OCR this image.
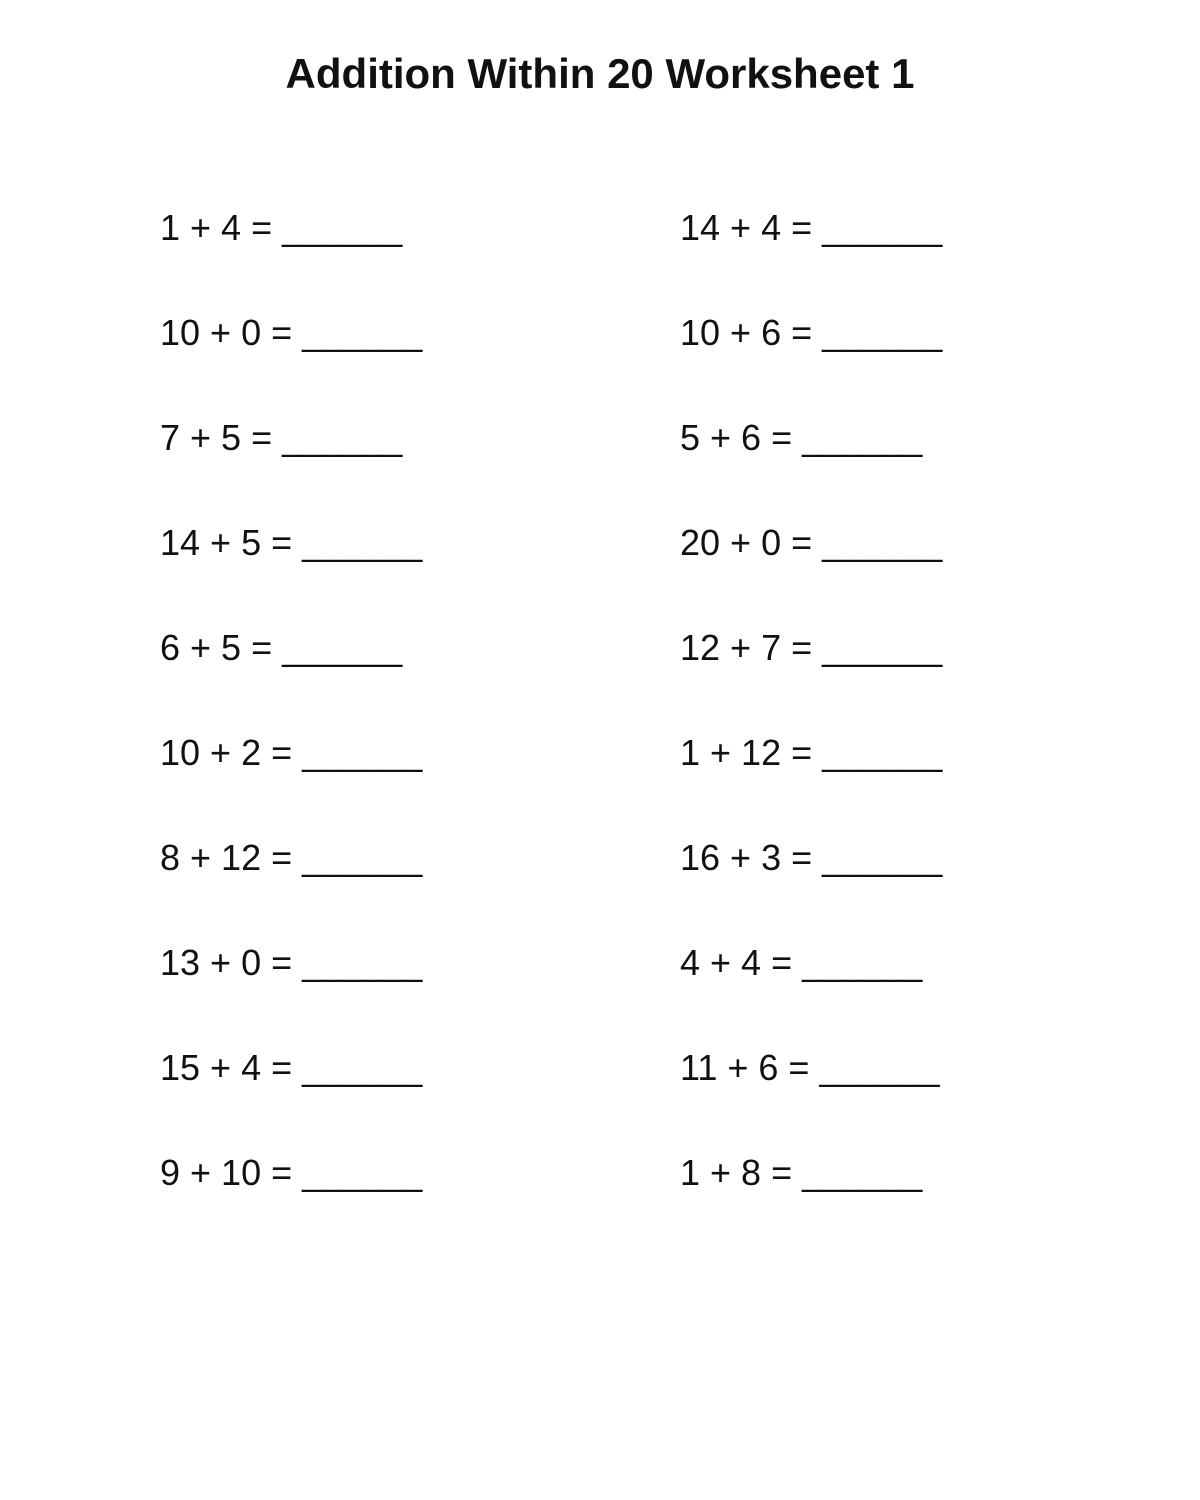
Addition Within 20 Worksheet 1
1 + 4 = ______	14 + 4 = ______
10 + 0 = ______	10 + 6 = ______
7 + 5 = ______	5 + 6 = ______
14 + 5 = ______	20 + 0 = ______
6 + 5 = ______	12 + 7 = ______
10 + 2 = ______	1 + 12 = ______
8 + 12 = ______	16 + 3 = ______
13 + 0 = ______	4 + 4 = ______
15 + 4 = ______	11 + 6 = ______
9 + 10 = ______	1 + 8 = ______
